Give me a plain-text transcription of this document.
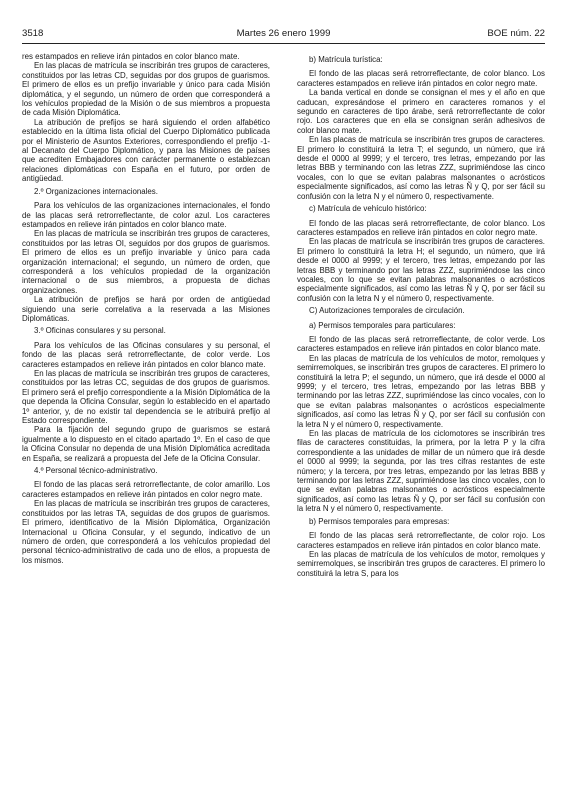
3518	Martes 26 enero 1999	BOE núm. 22

res estampados en relieve irán pintados en color blanco mate.

En las placas de matrícula se inscribirán tres grupos de caracteres, constituidos por las letras CD, seguidas por dos grupos de guarismos. El primero de ellos es un prefijo invariable y único para cada Misión diplomática, y el segundo, un número de orden que corresponderá a los vehículos propiedad de la Misión o de sus miembros a propuesta de cada Misión Diplomática.

La atribución de prefijos se hará siguiendo el orden alfabético establecido en la última lista oficial del Cuerpo Diplomático publicada por el Ministerio de Asuntos Exteriores, correspondiendo el prefijo -1- al Decanato del Cuerpo Diplomático, y para las Misiones de países que acrediten Embajadores con carácter permanente o establezcan relaciones diplomáticas con España en el futuro, por orden de antigüedad.

2.º Organizaciones internacionales.

Para los vehículos de las organizaciones internacionales, el fondo de las placas será retrorreflectante, de color azul. Los caracteres estampados en relieve irán pintados en color blanco mate.

En las placas de matrícula se inscribirán tres grupos de caracteres, constituidos por las letras OI, seguidos por dos grupos de guarismos. El primero de ellos es un prefijo invariable y único para cada organización internacional; el segundo, un número de orden, que corresponderá a los vehículos propiedad de la organización internacional o de sus miembros, a propuesta de dichas organizaciones.

La atribución de prefijos se hará por orden de antigüedad siguiendo una serie correlativa a la reservada a las Misiones Diplomáticas.

3.º Oficinas consulares y su personal.

Para los vehículos de las Oficinas consulares y su personal, el fondo de las placas será retrorreflectante, de color verde. Los caracteres estampados en relieve irán pintados en color blanco mate.

En las placas de matrícula se inscribirán tres grupos de caracteres, constituidos por las letras CC, seguidas de dos grupos de guarismos. El primero será el prefijo correspondiente a la Misión Diplomática de la que dependa la Oficina Consular, según lo establecido en el apartado 1º anterior, y, de no existir tal dependencia se le atribuirá prefijo al Estado correspondiente.

Para la fijación del segundo grupo de guarismos se estará igualmente a lo dispuesto en el citado apartado 1º. En el caso de que la Oficina Consular no dependa de una Misión Diplomática acreditada en España, se realizará a propuesta del Jefe de la Oficina Consular.

4.º Personal técnico-administrativo.

El fondo de las placas será retrorreflectante, de color amarillo. Los caracteres estampados en relieve irán pintados en color negro mate.

En las placas de matrícula se inscribirán tres grupos de caracteres, constituidos por las letras TA, seguidas de dos grupos de guarismos. El primero, identificativo de la Misión Diplomática, Organización Internacional u Oficina Consular, y el segundo, indicativo de un número de orden, que corresponderá a los vehículos propiedad del personal técnico-administrativo de cada uno de ellos, a propuesta de los mismos.

b) Matrícula turística:

El fondo de las placas será retrorreflectante, de color blanco. Los caracteres estampados en relieve irán pintados en color negro mate.

La banda vertical en donde se consignan el mes y el año en que caducan, expresándose el primero en caracteres romanos y el segundo en caracteres de tipo árabe, será retrorreflectante de color rojo. Los caracteres que en ella se consignan serán adhesivos de color blanco mate.

En las placas de matrícula se inscribirán tres grupos de caracteres. El primero lo constituirá la letra T; el segundo, un número, que irá desde el 0000 al 9999; y el tercero, tres letras, empezando por las letras BBB y terminando con las letras ZZZ, suprimiéndose las cinco vocales, con lo que se evitan palabras malsonantes o acrósticos especialmente significados, así como las letras Ñ y Q, por ser fácil su confusión con la letra N y el número 0, respectivamente.

c) Matrícula de vehículo histórico:

El fondo de las placas será retrorreflectante, de color blanco. Los caracteres estampados en relieve irán pintados en color negro mate.

En las placas de matrícula se inscribirán tres grupos de caracteres. El primero lo constituirá la letra H; el segundo, un número, que irá desde el 0000 al 9999; y el tercero, tres letras, empezando por las letras BBB y terminando por las letras ZZZ, suprimiéndose las cinco vocales, con lo que se evitan palabras malsonantes o acrósticos especialmente significados, así como las letras Ñ y Q, por ser fácil su confusión con la letra N y el número 0, respectivamente.

C) Autorizaciones temporales de circulación.

a) Permisos temporales para particulares:

El fondo de las placas será retrorreflectante, de color verde. Los caracteres estampados en relieve irán pintados en color blanco mate.

En las placas de matrícula de los vehículos de motor, remolques y semirremolques, se inscribirán tres grupos de caracteres. El primero lo constituirá la letra P; el segundo, un número, que irá desde el 0000 al 9999; y el tercero, tres letras, empezando por las letras BBB y terminando por las letras ZZZ, suprimiéndose las cinco vocales, con lo que se evitan palabras malsonantes o acrósticos especialmente significados, así como las letras Ñ y Q, por ser fácil su confusión con la letra N y el número 0, respectivamente.

En las placas de matrícula de los ciclomotores se inscribirán tres filas de caracteres constituidas, la primera, por la letra P y la cifra correspondiente a las unidades de millar de un número que irá desde el 0000 al 9999; la segunda, por las tres cifras restantes de este número; y la tercera, por tres letras, empezando por las letras BBB y terminando por las letras ZZZ, suprimiéndose las cinco vocales, con lo que se evitan palabras malsonantes o acrósticos especialmente significados, así como las letras Ñ y Q, por ser fácil su confusión con la letra N y el número 0, respectivamente.

b) Permisos temporales para empresas:

El fondo de las placas será retrorreflectante, de color rojo. Los caracteres estampados en relieve irán pintados en color blanco mate.

En las placas de matrícula de los vehículos de motor, remolques y semirremolques, se inscribirán tres grupos de caracteres. El primero lo constituirá la letra S, para los
